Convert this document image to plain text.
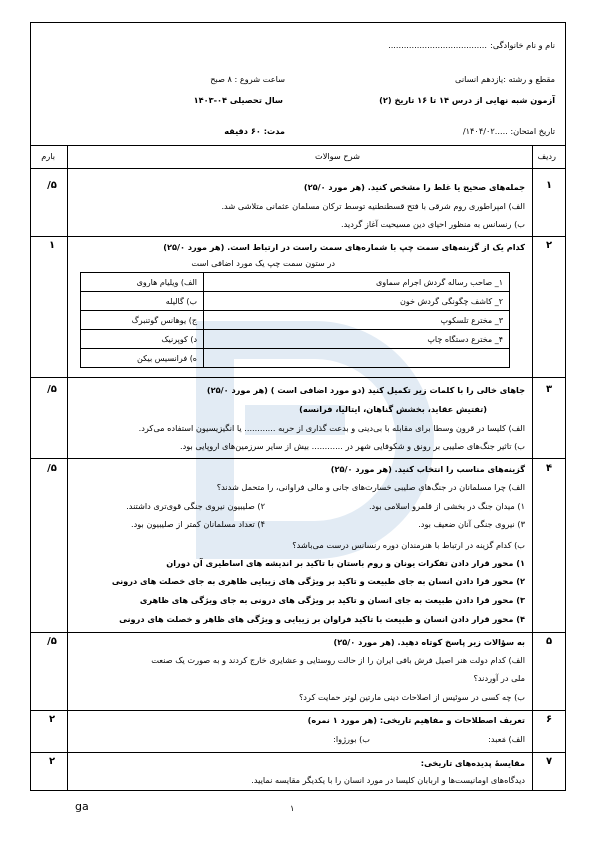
نام و نام خانوادگی:
......................................
مقطع و رشته :یازدهم انسانی
ساعت شروع : ۸ صبح
آزمون شبه نهایی از درس ۱۴ تا ۱۶ تاریخ (۲)
سال تحصیلی ۰۴-۱۴۰۳
تاریخ امتحان: .....۱۴۰۴/۰۲/
مدت: ۶۰ دقیقه
ردیف
شرح سوالات
بارم
۱
/۵	جمله‌های صحیح یا غلط را مشخص کنید. (هر مورد ۲۵/۰)
الف) امپراطوری روم شرقی با فتح قسطنطنیه توسط ترکان مسلمان عثمانی متلاشی شد.
ب) رنسانس به منظور احیای دین مسیحیت آغاز گردید.
۲
۱	کدام یک از گزینه‌های سمت چپ با شماره‌های سمت راست در ارتباط است. (هر مورد ۲۵/۰)
در ستون سمت چپ یک مورد اضافی است
۱_ صاحب رساله گردش اجرام سماوی	الف) ویلیام هاروی
۲_ کاشف چگونگی گردش خون	ب) گالیله
۳_ مخترع تلسکوپ	ج) یوهانس گوتنبرگ
۴_ مخترع دستگاه چاپ	د) کوپرنیک
	ه) فرانسیس بیکن
۳
/۵	جاهای خالی را با کلمات زیر تکمیل کنید (دو مورد اضافی است ) (هر مورد ۲۵/۰)
(تفتیش عقاید، بخشش گناهان، ایتالیا، فرانسه)
الف) کلیسا در قرون وسطا برای مقابله با بی‌دینی و بدعت گذاری از حربه ............ یا انگیزیسیون استفاده می‌کرد.
ب) تاثیر جنگ‌های صلیبی بر رونق و شکوفایی شهر در ............ بیش از سایر سرزمین‌های اروپایی بود.
۴
/۵	گزینه‌های مناسب را انتخاب کنید. (هر مورد ۲۵/۰)
الف) چرا مسلمانان در جنگ‌های صلیبی خسارت‌های جانی و مالی فراوانی، را متحمل شدند؟
۱) میدان جنگ در بخشی از قلمرو اسلامی بود.
۲) صلیبیون نیروی جنگی قوی‌تری داشتند.
۳) نیروی جنگی آنان ضعیف بود.
۴) تعداد مسلمانان کمتر از صلیبیون بود.
ب) کدام گزینه در ارتباط با هنرمندان دوره رنسانس درست می‌باشد؟
۱) محور قرار دادن تفکرات یونان و روم باستان با تاکید بر اندیشه های اساطیری آن دوران
۲) محور قرا دادن انسان به جای طبیعت و تاکید بر ویژگی های زیبایی ظاهری به جای خصلت های درونی
۳) محور قرا دادن طبیعت به جای انسان و تاکید بر ویژگی های درونی به جای ویژگی های ظاهری
۴) محور قرار دادن انسان و طبیعت با تاکید فراوان بر زیبایی و ویژگی های ظاهر و خصلت های درونی
۵
/۵	به سؤالات زیر پاسخ کوتاه دهید. (هر مورد ۲۵/۰)
الف) کدام دولت هنر اصیل فرش بافی ایران را از حالت روستایی و عشایری خارج کردند و به صورت یک صنعت
ملی در آوردند؟
ب) چه کسی در سوئیس از اصلاحات دینی مارتین لوتر حمایت کرد؟
۶
۲	تعریف اصطلاحات و مفاهیم تاریخی: (هر مورد ۱ نمره)
الف) مَعبد:
ب) بورژوا:
۷
۲	مقایسهٔ پدیده‌های تاریخی:
دیدگاه‌های اومانیست‌ها و اربابان کلیسا در مورد انسان را با یکدیگر مقایسه نمایید.
۱
ga
